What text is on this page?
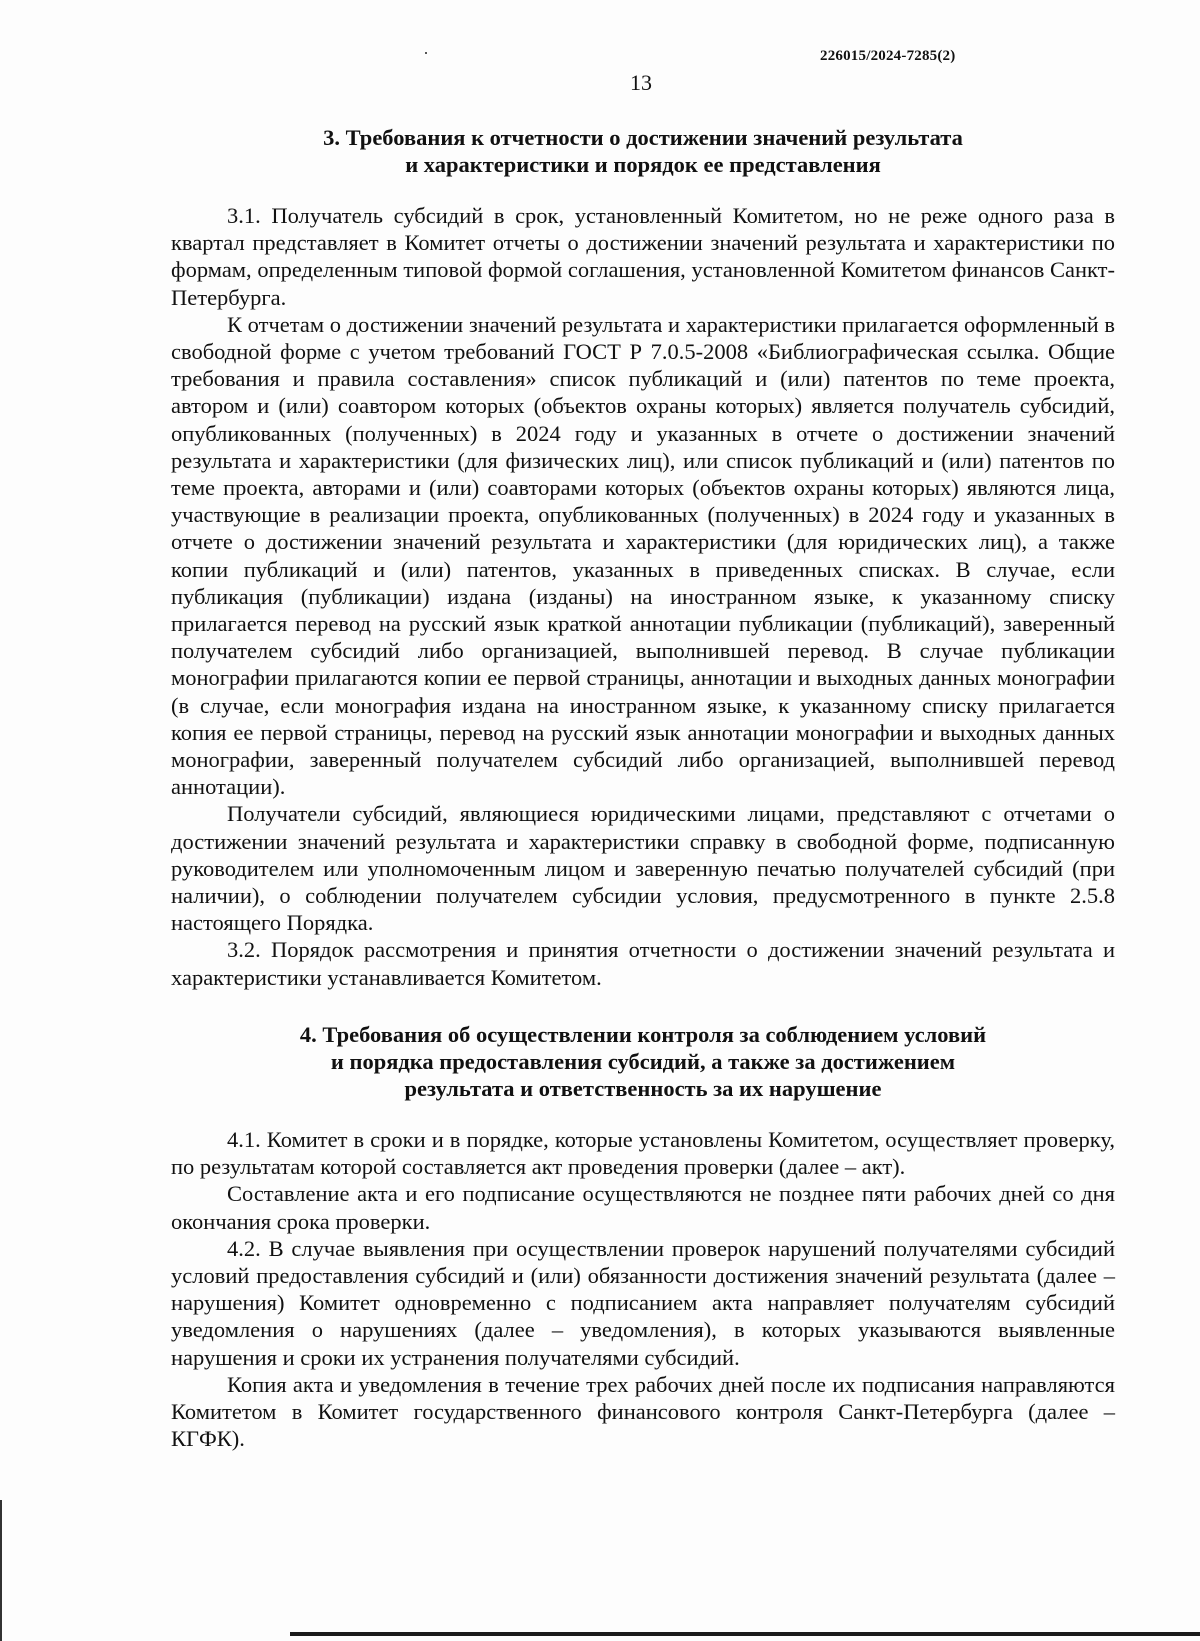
226015/2024-7285(2)
13
3. Требования к отчетности о достижении значений результата
и характеристики и порядок ее представления

3.1. Получатель субсидий в срок, установленный Комитетом, но не реже одного раза в квартал представляет в Комитет отчеты о достижении значений результата и характеристики по формам, определенным типовой формой соглашения, установленной Комитетом финансов Санкт-Петербурга.

К отчетам о достижении значений результата и характеристики прилагается оформленный в свободной форме с учетом требований ГОСТ Р 7.0.5-2008 «Библиографическая ссылка. Общие требования и правила составления» список публикаций и (или) патентов по теме проекта, автором и (или) соавтором которых (объектов охраны которых) является получатель субсидий, опубликованных (полученных) в 2024 году и указанных в отчете о достижении значений результата и характеристики (для физических лиц), или список публикаций и (или) патентов по теме проекта, авторами и (или) соавторами которых (объектов охраны которых) являются лица, участвующие в реализации проекта, опубликованных (полученных) в 2024 году и указанных в отчете о достижении значений результата и характеристики (для юридических лиц), а также копии публикаций и (или) патентов, указанных в приведенных списках. В случае, если публикация (публикации) издана (изданы) на иностранном языке, к указанному списку прилагается перевод на русский язык краткой аннотации публикации (публикаций), заверенный получателем субсидий либо организацией, выполнившей перевод. В случае публикации монографии прилагаются копии ее первой страницы, аннотации и выходных данных монографии (в случае, если монография издана на иностранном языке, к указанному списку прилагается копия ее первой страницы, перевод на русский язык аннотации монографии и выходных данных монографии, заверенный получателем субсидий либо организацией, выполнившей перевод аннотации).

Получатели субсидий, являющиеся юридическими лицами, представляют с отчетами о достижении значений результата и характеристики справку в свободной форме, подписанную руководителем или уполномоченным лицом и заверенную печатью получателей субсидий (при наличии), о соблюдении получателем субсидии условия, предусмотренного в пункте 2.5.8 настоящего Порядка.

3.2. Порядок рассмотрения и принятия отчетности о достижении значений результата и характеристики устанавливается Комитетом.

4. Требования об осуществлении контроля за соблюдением условий
и порядка предоставления субсидий, а также за достижением
результата и ответственность за их нарушение

4.1. Комитет в сроки и в порядке, которые установлены Комитетом, осуществляет проверку, по результатам которой составляется акт проведения проверки (далее – акт).

Составление акта и его подписание осуществляются не позднее пяти рабочих дней со дня окончания срока проверки.

4.2. В случае выявления при осуществлении проверок нарушений получателями субсидий условий предоставления субсидий и (или) обязанности достижения значений результата (далее – нарушения) Комитет одновременно с подписанием акта направляет получателям субсидий уведомления о нарушениях (далее – уведомления), в которых указываются выявленные нарушения и сроки их устранения получателями субсидий.

Копия акта и уведомления в течение трех рабочих дней после их подписания направляются Комитетом в Комитет государственного финансового контроля Санкт-Петербурга (далее – КГФК).
